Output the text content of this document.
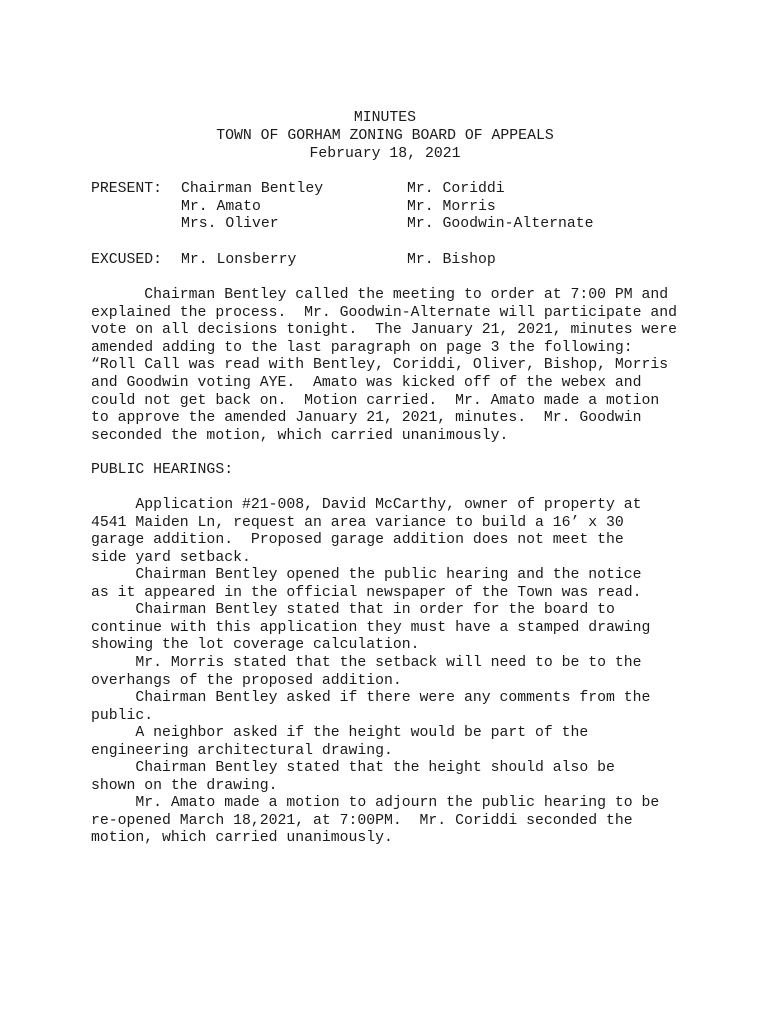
MINUTES
TOWN OF GORHAM ZONING BOARD OF APPEALS
February 18, 2021
PRESENT: Chairman Bentley
Mr. Amato
Mrs. Oliver
Mr. Coriddi
Mr. Morris
Mr. Goodwin-Alternate
EXCUSED: Mr. Lonsberry	Mr. Bishop
Chairman Bentley called the meeting to order at 7:00 PM and
explained the process.  Mr. Goodwin-Alternate will participate and
vote on all decisions tonight.  The January 21, 2021, minutes were
amended adding to the last paragraph on page 3 the following:
“Roll Call was read with Bentley, Coriddi, Oliver, Bishop, Morris
and Goodwin voting AYE.  Amato was kicked off of the webex and
could not get back on.  Motion carried.  Mr. Amato made a motion
to approve the amended January 21, 2021, minutes.  Mr. Goodwin
seconded the motion, which carried unanimously.
PUBLIC HEARINGS:
Application #21-008, David McCarthy, owner of property at
4541 Maiden Ln, request an area variance to build a 16’ x 30
garage addition.  Proposed garage addition does not meet the
side yard setback.
Chairman Bentley opened the public hearing and the notice
as it appeared in the official newspaper of the Town was read.
Chairman Bentley stated that in order for the board to
continue with this application they must have a stamped drawing
showing the lot coverage calculation.
Mr. Morris stated that the setback will need to be to the
overhangs of the proposed addition.
Chairman Bentley asked if there were any comments from the
public.
A neighbor asked if the height would be part of the
engineering architectural drawing.
Chairman Bentley stated that the height should also be
shown on the drawing.
Mr. Amato made a motion to adjourn the public hearing to be
re-opened March 18,2021, at 7:00PM.  Mr. Coriddi seconded the
motion, which carried unanimously.
